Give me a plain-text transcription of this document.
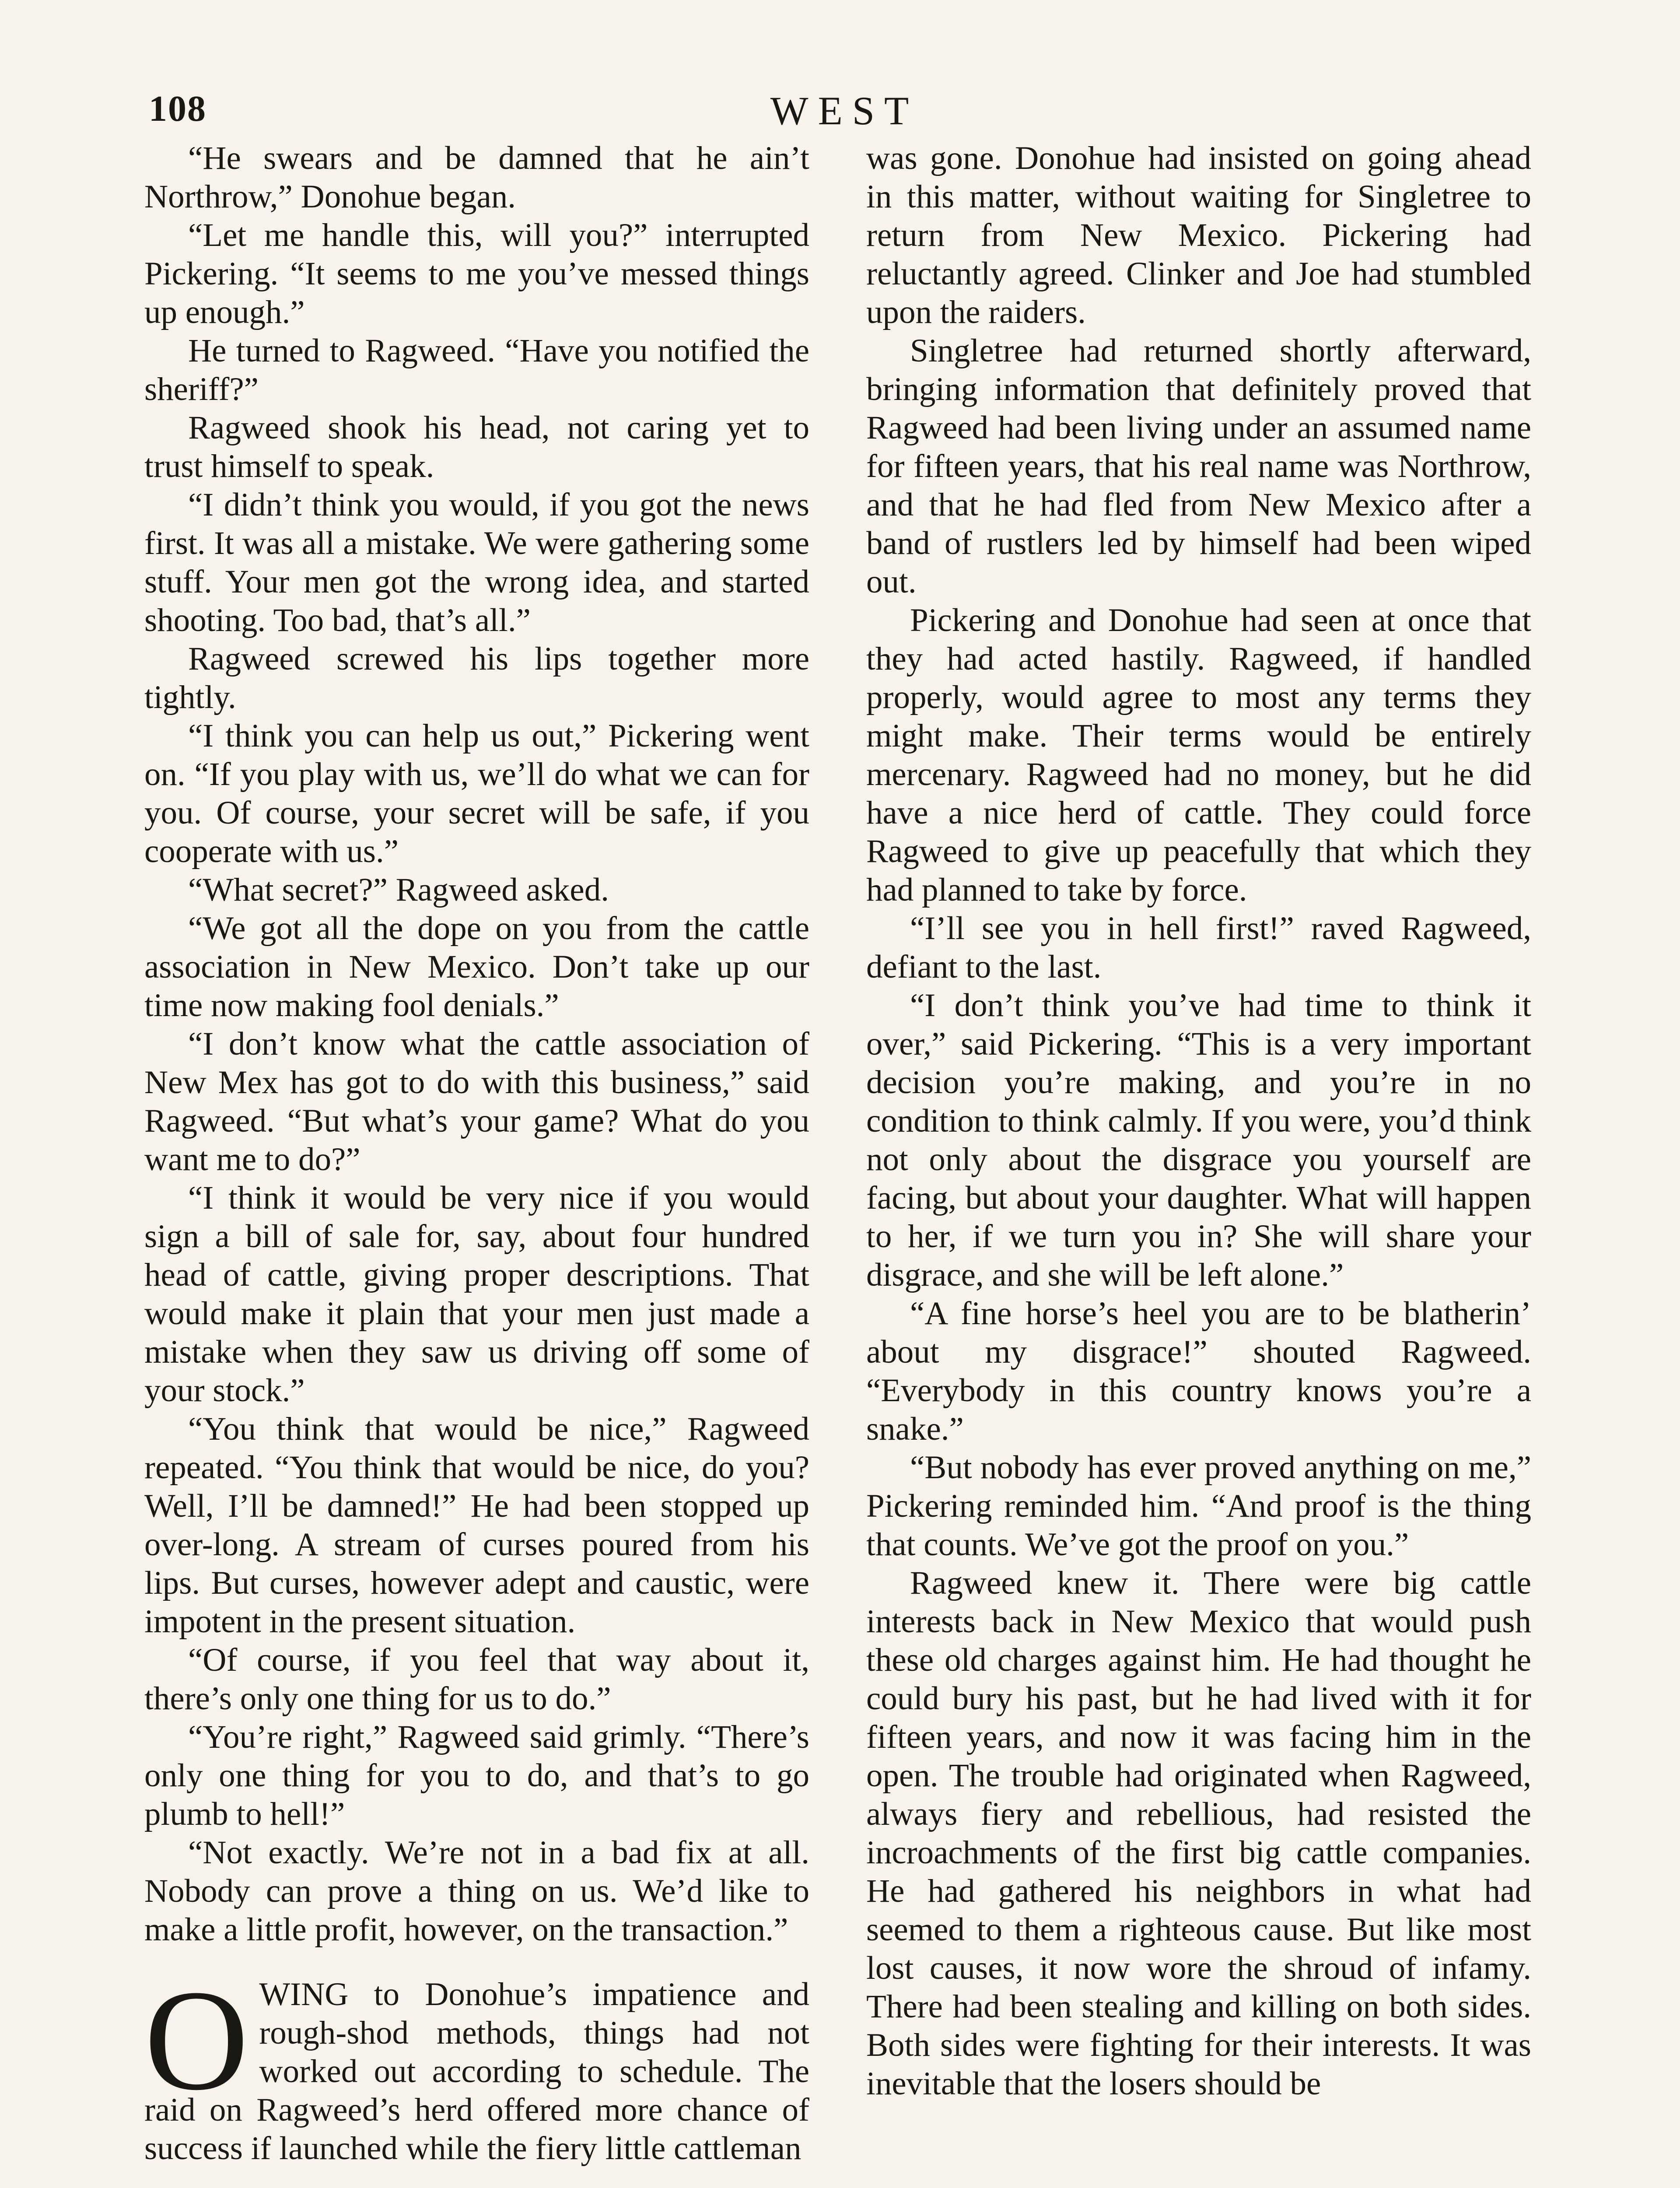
108	WEST

“He swears and be damned that he ain’t Northrow,” Donohue began.

“Let me handle this, will you?” interrupted Pickering. “It seems to me you’ve messed things up enough.”

He turned to Ragweed. “Have you notified the sheriff?”

Ragweed shook his head, not caring yet to trust himself to speak.

“I didn’t think you would, if you got the news first. It was all a mistake. We were gathering some stuff. Your men got the wrong idea, and started shooting. Too bad, that’s all.”

Ragweed screwed his lips together more tightly.

“I think you can help us out,” Pickering went on. “If you play with us, we’ll do what we can for you. Of course, your secret will be safe, if you cooperate with us.”

“What secret?” Ragweed asked.

“We got all the dope on you from the cattle association in New Mexico. Don’t take up our time now making fool denials.”

“I don’t know what the cattle association of New Mex has got to do with this business,” said Ragweed. “But what’s your game? What do you want me to do?”

“I think it would be very nice if you would sign a bill of sale for, say, about four hundred head of cattle, giving proper descriptions. That would make it plain that your men just made a mistake when they saw us driving off some of your stock.”

“You think that would be nice,” Ragweed repeated. “You think that would be nice, do you? Well, I’ll be damned!” He had been stopped up over-long. A stream of curses poured from his lips. But curses, however adept and caustic, were impotent in the present situation.

“Of course, if you feel that way about it, there’s only one thing for us to do.”

“You’re right,” Ragweed said grimly. “There’s only one thing for you to do, and that’s to go plumb to hell!”

“Not exactly. We’re not in a bad fix at all. Nobody can prove a thing on us. We’d like to make a little profit, however, on the transaction.”

O WING to Donohue’s impatience and rough-shod methods, things had not worked out according to schedule. The raid on Ragweed’s herd offered more chance of success if launched while the fiery little cattleman

was gone. Donohue had insisted on going ahead in this matter, without waiting for Singletree to return from New Mexico. Pickering had reluctantly agreed. Clinker and Joe had stumbled upon the raiders.

Singletree had returned shortly afterward, bringing information that definitely proved that Ragweed had been living under an assumed name for fifteen years, that his real name was Northrow, and that he had fled from New Mexico after a band of rustlers led by himself had been wiped out.

Pickering and Donohue had seen at once that they had acted hastily. Ragweed, if handled properly, would agree to most any terms they might make. Their terms would be entirely mercenary. Ragweed had no money, but he did have a nice herd of cattle. They could force Ragweed to give up peacefully that which they had planned to take by force.

“I’ll see you in hell first!” raved Ragweed, defiant to the last.

“I don’t think you’ve had time to think it over,” said Pickering. “This is a very important decision you’re making, and you’re in no condition to think calmly. If you were, you’d think not only about the disgrace you yourself are facing, but about your daughter. What will happen to her, if we turn you in? She will share your disgrace, and she will be left alone.”

“A fine horse’s heel you are to be blatherin’ about my disgrace!” shouted Ragweed. “Everybody in this country knows you’re a snake.”

“But nobody has ever proved anything on me,” Pickering reminded him. “And proof is the thing that counts. We’ve got the proof on you.”

Ragweed knew it. There were big cattle interests back in New Mexico that would push these old charges against him. He had thought he could bury his past, but he had lived with it for fifteen years, and now it was facing him in the open. The trouble had originated when Ragweed, always fiery and rebellious, had resisted the incroachments of the first big cattle companies. He had gathered his neighbors in what had seemed to them a righteous cause. But like most lost causes, it now wore the shroud of infamy. There had been stealing and killing on both sides. Both sides were fighting for their interests. It was inevitable that the losers should be
